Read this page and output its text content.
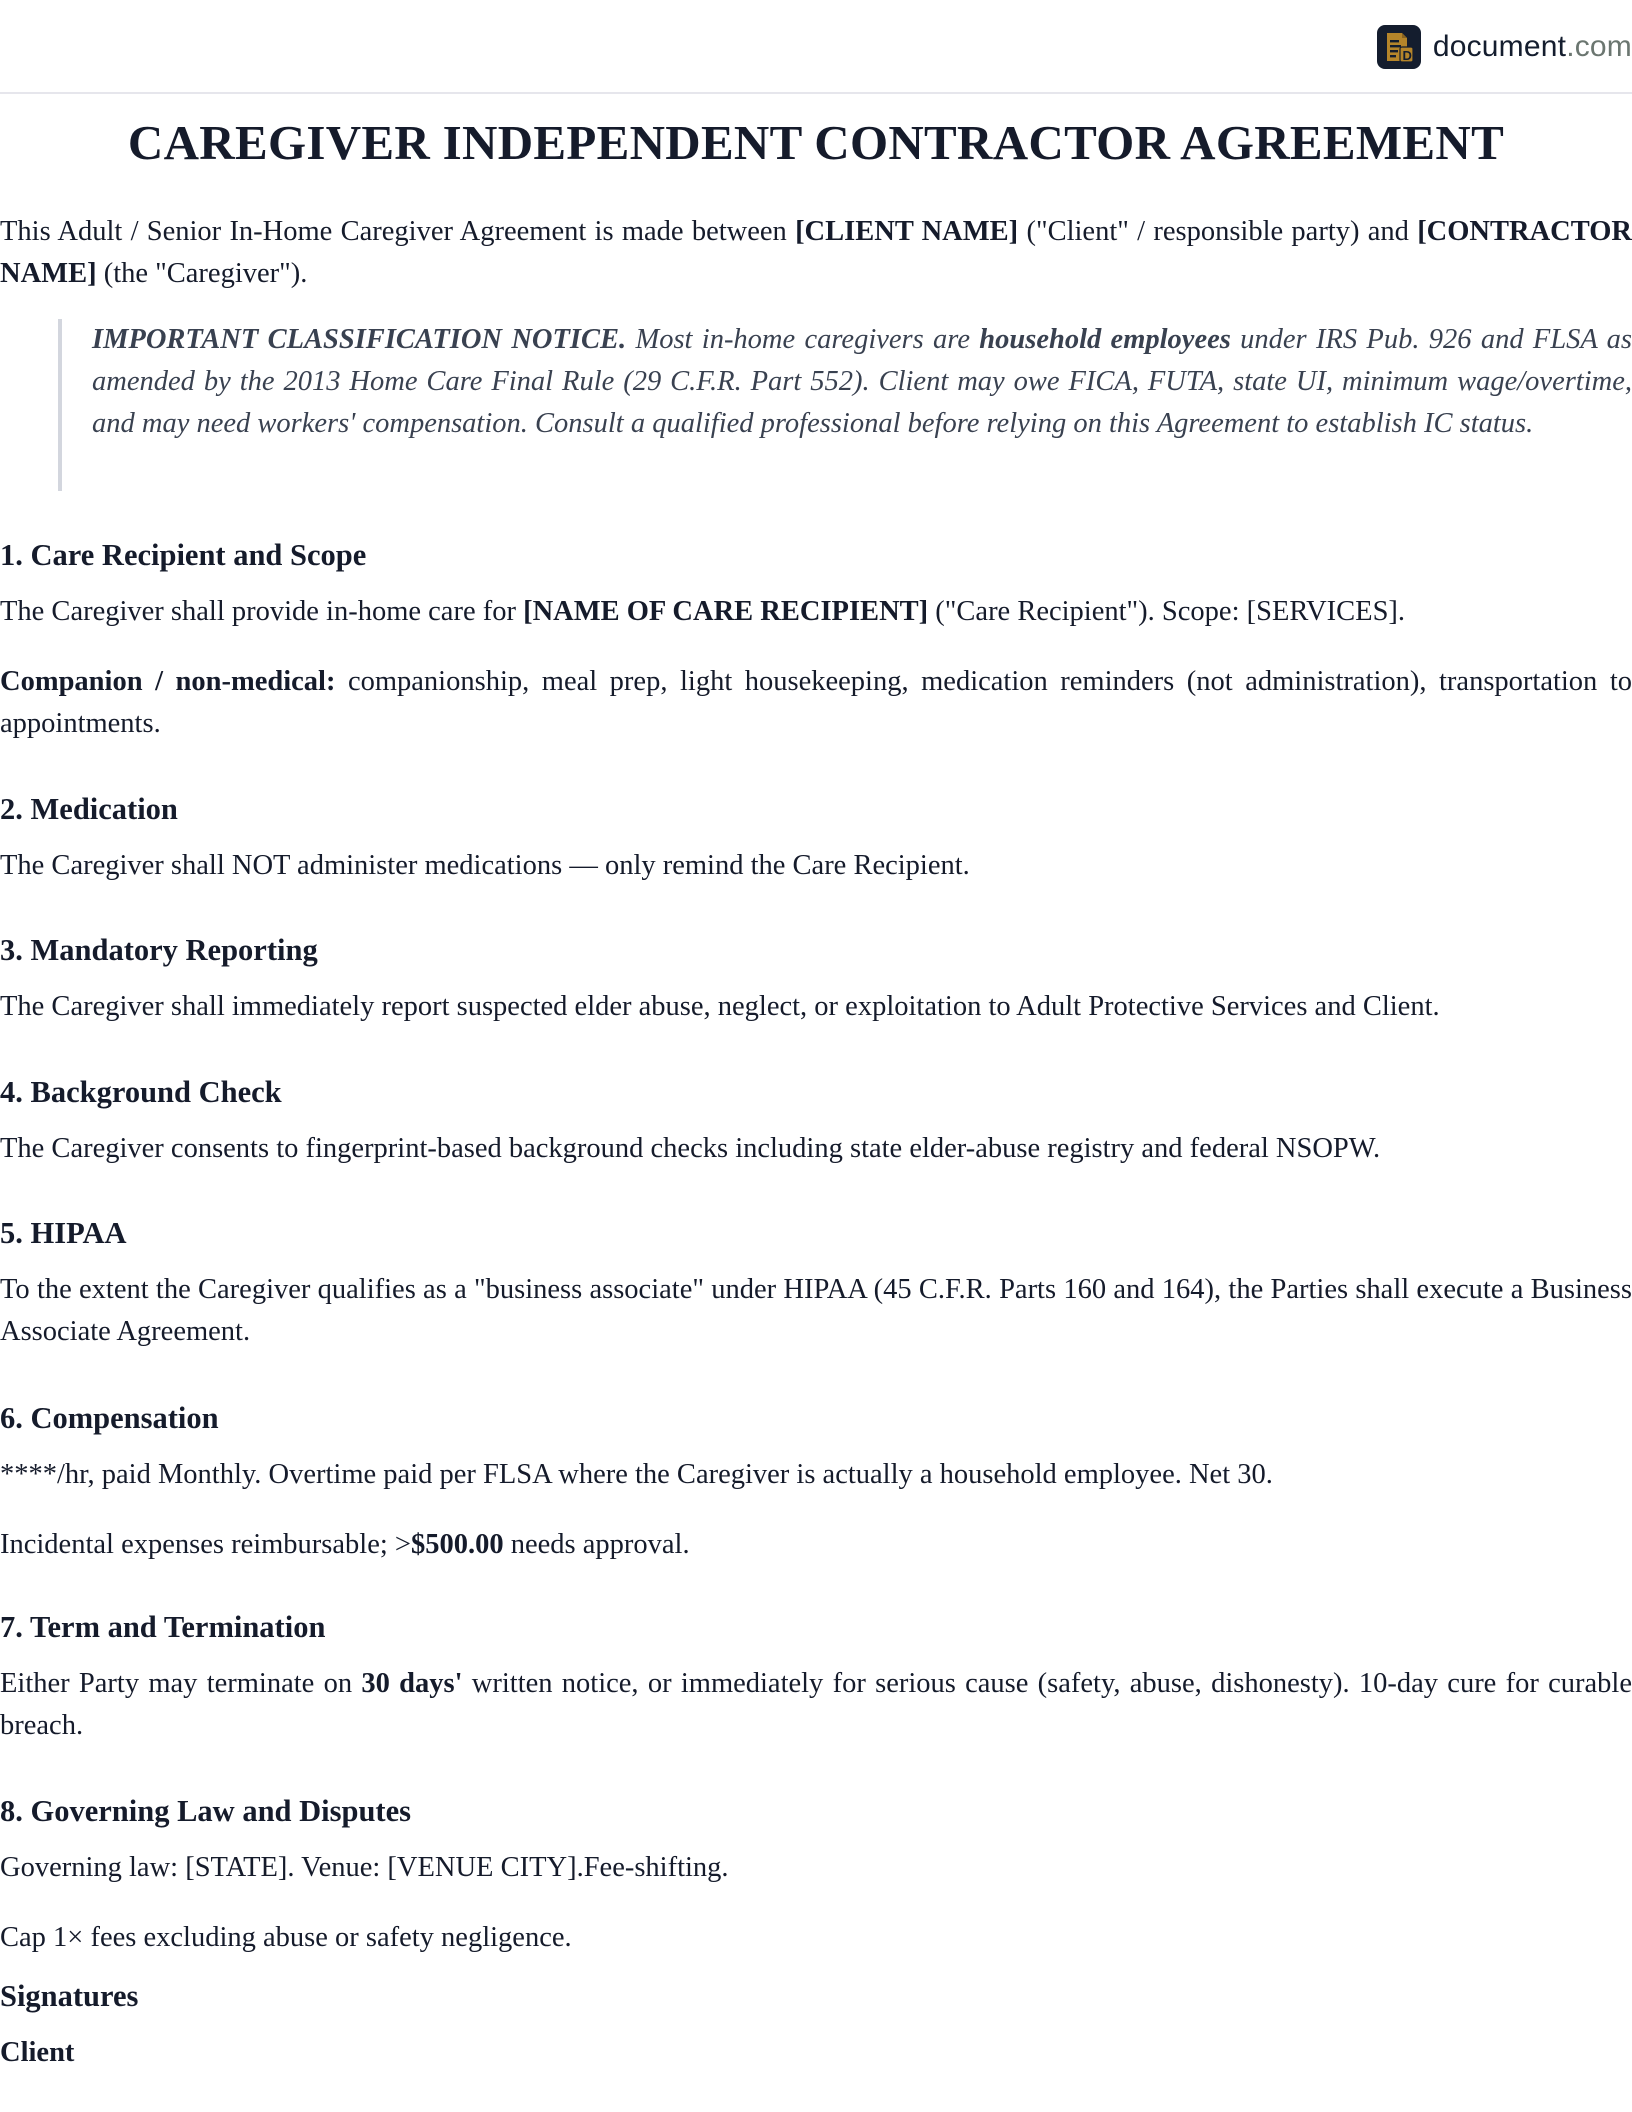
D document.com
CAREGIVER INDEPENDENT CONTRACTOR AGREEMENT

This Adult / Senior In-Home Caregiver Agreement is made between [CLIENT NAME] ("Client" / responsible party) and [CONTRACTOR NAME] (the "Caregiver").

IMPORTANT CLASSIFICATION NOTICE. Most in-home caregivers are household employees under IRS Pub. 926 and FLSA as amended by the 2013 Home Care Final Rule (29 C.F.R. Part 552). Client may owe FICA, FUTA, state UI, minimum wage/overtime, and may need workers' compensation. Consult a qualified professional before relying on this Agreement to establish IC status.

1. Care Recipient and Scope

The Caregiver shall provide in-home care for [NAME OF CARE RECIPIENT] ("Care Recipient"). Scope: [SERVICES].

Companion / non-medical: companionship, meal prep, light housekeeping, medication reminders (not administration), transportation to appointments.

2. Medication

The Caregiver shall NOT administer medications — only remind the Care Recipient.

3. Mandatory Reporting

The Caregiver shall immediately report suspected elder abuse, neglect, or exploitation to Adult Protective Services and Client.

4. Background Check

The Caregiver consents to fingerprint-based background checks including state elder-abuse registry and federal NSOPW.

5. HIPAA

To the extent the Caregiver qualifies as a "business associate" under HIPAA (45 C.F.R. Parts 160 and 164), the Parties shall execute a Business Associate Agreement.

6. Compensation

****/hr, paid Monthly. Overtime paid per FLSA where the Caregiver is actually a household employee. Net 30.

Incidental expenses reimbursable; >$500.00 needs approval.

7. Term and Termination

Either Party may terminate on 30 days' written notice, or immediately for serious cause (safety, abuse, dishonesty). 10-day cure for curable breach.

8. Governing Law and Disputes

Governing law: [STATE]. Venue: [VENUE CITY].Fee-shifting.

Cap 1× fees excluding abuse or safety negligence.

Signatures
Client
